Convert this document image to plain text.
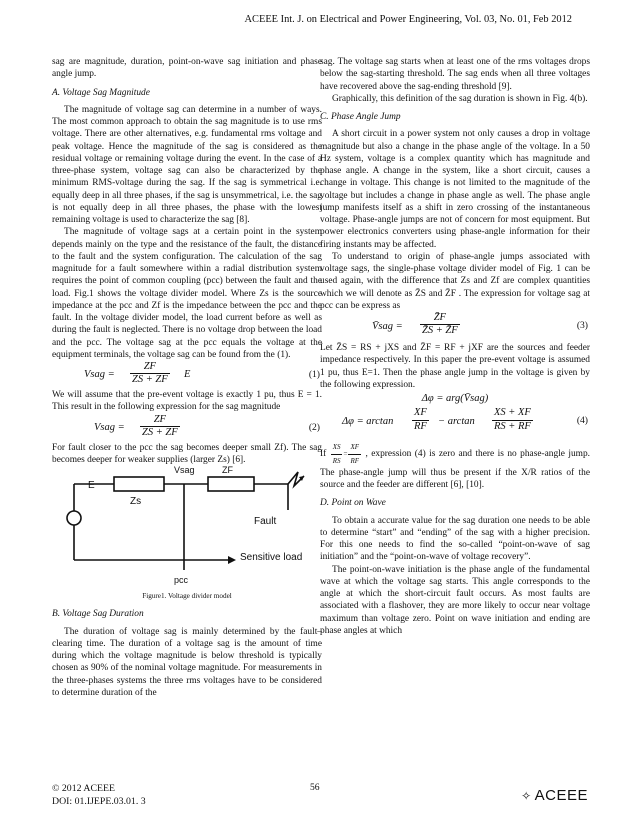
ACEEE Int. J. on Electrical and Power Engineering, Vol. 03, No. 01, Feb 2012

sag are magnitude, duration, point-on-wave sag initiation and phase angle jump.

A. Voltage Sag Magnitude

The magnitude of voltage sag can determine in a number of ways. The most common approach to obtain the sag magnitude is to use rms voltage. There are other alternatives, e.g. fundamental rms voltage and peak voltage. Hence the magnitude of the sag is considered as the residual voltage or remaining voltage during the event. In the case of a three-phase system, voltage sag can also be characterized by the minimum RMS-voltage during the sag. If the sag is symmetrical i.e. equally deep in all three phases, if the sag is unsymmetrical, i.e. the sag is not equally deep in all three phases, the phase with the lowest remaining voltage is used to characterize the sag [8].

The magnitude of voltage sags at a certain point in the system depends mainly on the type and the resistance of the fault, the distance to the fault and the system configuration. The calculation of the sag magnitude for a fault somewhere within a radial distribution system requires the point of common coupling (pcc) between the fault and the load. Fig.1 shows the voltage divider model. Where Zs is the source impedance at the pcc and Zf is the impedance between the pcc and the fault. In the voltage divider model, the load current before as well as during the fault is neglected. There is no voltage drop between the load and the pcc. The voltage sag at the pcc equals the voltage at the equipment terminals, the voltage sag can be found from the (1).

Vsag = $\frac{ZF}{ZS + ZF}$ E	(1)

We will assume that the pre-event voltage is exactly 1 pu, thus E = 1. This result in the following expression for the sag magnitude

Vsag = $\frac{ZF}{ZS + ZF}$	(2)

For fault closer to the pcc the sag becomes deeper small Zf). The sag becomes deeper for weaker supplies (larger Zs) [6].

Vsag	ZF
E
Zs
Fault
Sensitive load
pcc

Figure1. Voltage divider model

B. Voltage Sag Duration

The duration of voltage sag is mainly determined by the fault–clearing time. The duration of a voltage sag is the amount of time during which the voltage magnitude is below threshold is typically chosen as 90% of the nominal voltage magnitude. For measurements in the three-phases systems the three rms voltages have to be considered to determine duration of the

sag. The voltage sag starts when at least one of the rms voltages drops below the sag-starting threshold. The sag ends when all three voltages have recovered above the sag-ending threshold [9].

Graphically, this definition of the sag duration is shown in Fig. 4(b).

C. Phase Angle Jump

A short circuit in a power system not only causes a drop in voltage magnitude but also a change in the phase angle of the voltage. In a 50 Hz system, voltage is a complex quantity which has magnitude and phase angle. A change in the system, like a short circuit, causes a change in voltage. This change is not limited to the magnitude of the voltage but includes a change in phase angle as well. The phase angle jump manifests itself as a shift in zero crossing of the instantaneous voltage. Phase-angle jumps are not of concern for most equipment. But power electronics converters using phase-angle information for their firing instants may be affected.

To understand to origin of phase-angle jumps associated with voltage sags, the single-phase voltage divider model of Fig. 1 can be used again, with the difference that Zs and Zf are complex quantities which we will denote as Z̄S and Z̄F . The expression for voltage sag at pcc can be express as

V̄sag = $\frac{Z̄F}{Z̄S + Z̄F}$	(3)

Let Z̄S = RS + jXS and Z̄F = RF + jXF are the sources and feeder impedance respectively. In this paper the pre-event voltage is assumed 1 pu, thus E=1. Then the phase angle jump in the voltage is given by the following expression.

Δφ = arg(V̄sag)
$\Delta\varphi = \arctan \frac{XF}{RF} - \arctan \frac{XS + XF}{RS + RF}$	(4)

If $\frac{XS}{RS} = \frac{XF}{RF}$ , expression (4) is zero and there is no phase-angle jump. The phase-angle jump will thus be present if the X/R ratios of the source and the feeder are different [6], [10].

D. Point on Wave

To obtain a accurate value for the sag duration one needs to be able to determine “start” and “ending” of the sag with a higher precision. For this one needs to find the so-called “point-on-wave of sag initiation” and the “point-on-wave of voltage recovery”.

The point-on-wave initiation is the phase angle of the fundamental wave at which the voltage sag starts. This angle corresponds to the angle at which the short-circuit fault occurs. As most faults are associated with a flashover, they are more likely to occur near voltage maximum than voltage zero. Point on wave initiation and ending are phase angles at which

56
© 2012 ACEEE
DOI: 01.IJEPE.03.01. 3	✧ ACEEE
